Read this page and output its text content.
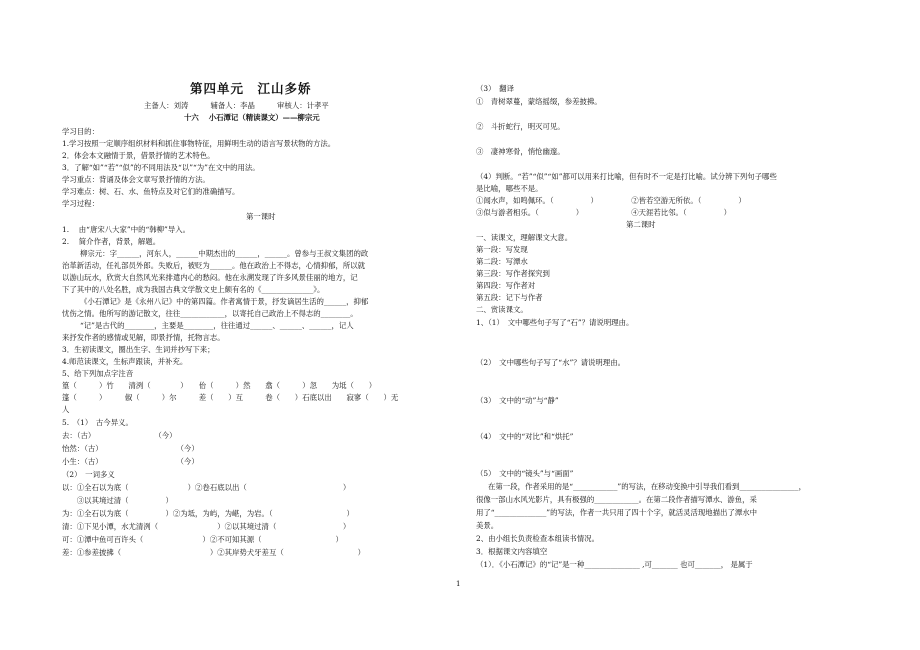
第四单元　江山多娇
主备人：刘涛　　　辅备人：李晶　　　审核人：计孝平
十六　 小石潭记（精读课文）——柳宗元
学习目的：
1.学习按照一定顺序组织材料和抓住事物特征，用鲜明生动的语言写景状物的方法。
2．体会本文融情于景，借景抒情的艺术特色。
3．了解“如”“若”“似”的不同用法及“以”“为”在文中的用法。
学习重点：背诵及体会文章写景抒情的方法。
学习难点：树、石、水、鱼特点及对它们的准确描写。
学习过程：
第一课时
1.　 由“唐宋八大家”中的“韩柳”导入。
2.　 简介作者，背景，解题。
柳宗元：字______，河东人，______中期杰出的______，______。曾参与王叔文集团的政
治革新活动，任礼部员外郎。失败后，被贬为______。他在政治上不得志，心情抑郁，所以就
以游山玩水，欣赏大自然风光来排遣内心的愁闷。他在永溯发现了许多风景佳丽的地方，记
下了其中的八处名胜，成为我国古典文学散文史上颇有名的《______________》。
《小石潭记》是《永州八记》中的第四篇。作者寓情于景，抒发谪居生活的______，抑郁
忧伤之情。他所写的游记散文，往往____________，以寄托自己政治上不得志的________。
“记”是古代的________，主要是________，往往通过______、______、______，记人
来抒发作者的感情或见解，即景抒情，托物言志。
3．生初读课文，圈出生字、生词并抄写下来；
4.师范读课文，生标声跟读，并补充。
5、给下列加点字注音
篁（　　　）竹　　清洌（　　　　）　　佁（　　　）然　　翕（　　　）忽　　为坻（　　）
篷（　　　）　　　俶（　　　）尔　　　差（　　）互　　　卷（　　）石底以出　　寂寥（　　）无
人
5.　（1）　古今异义。
去：（古）　　　　　　　　　（今）
怡然：（古）　　　　　　　　　　　（今）
小生：（古）　　　　　　　　　　　（今）
（2）　一词多义
以：①全石以为底（　　　　　　　　）②卷石底以出（　　　　　　　　　　　　　）
　　③以其境过清（　　　　　）
为：①全石以为底（　　　　　）②为坻，为屿，为嵁，为岩。（　　　　　　　　　　）
清：①下见小潭，水尤清洌（　　　　　　　　）②以其境过清（　　　　　　　　　）
可：①潭中鱼可百许头（　　　　　　　　）②不可知其源（　　　　　　　　　　）
差：①参差披拂（　　　　　　　　　　　　）②其岸势犬牙差互（　　　　　　　　　　）
（3）　翻译
①　青树翠蔓，蒙络摇缀，参差披拂。
②　斗折蛇行，明灭可见。
③　凄神寒骨，悄怆幽邃。
（4）判断。“若”“似”“如”都可以用来打比喻，但有时不一定是打比喻。试分辨下列句子哪些
是比喻，哪些不是。
①闻水声，如鸣佩环。（　　　　　）　　　　　②皆若空游无所依。（　　　　　）
③似与游者相乐。（　　　　　）　　　　　　　④天涯若比邻。（　　　　　）
第二课时
一、读课文，理解课文大意。
第一段：写发现
第二段：写潭水
第三段：写作者探究到
第四段：写作者对
第五段：记下与作者
二、赏读课文。
1、（1）　文中哪些句子写了“石”？请说明理由。
（2）　文中哪些句子写了“水”？请说明理由。
（3）　文中的“动”与“静”
（4）　文中的“对比”和“烘托”
（5）　文中的“镜头”与“画面”
在第一段，作者采用的是“____________”的写法，在移动变换中引导我们看到________________，
很像一部山水风光影片，具有极强的____________。在第二段作者描写潭水、游鱼，采
用了“______________”的写法，作者一共只用了四十个字，就活灵活现地描出了潭水中
美景。
2、由小组长负责检查本组读书情况。
3．根据课文内容填空
（1）．《小石潭记》的“记”是一种_______________ ,可_______ 也可_______， 是属于
1
